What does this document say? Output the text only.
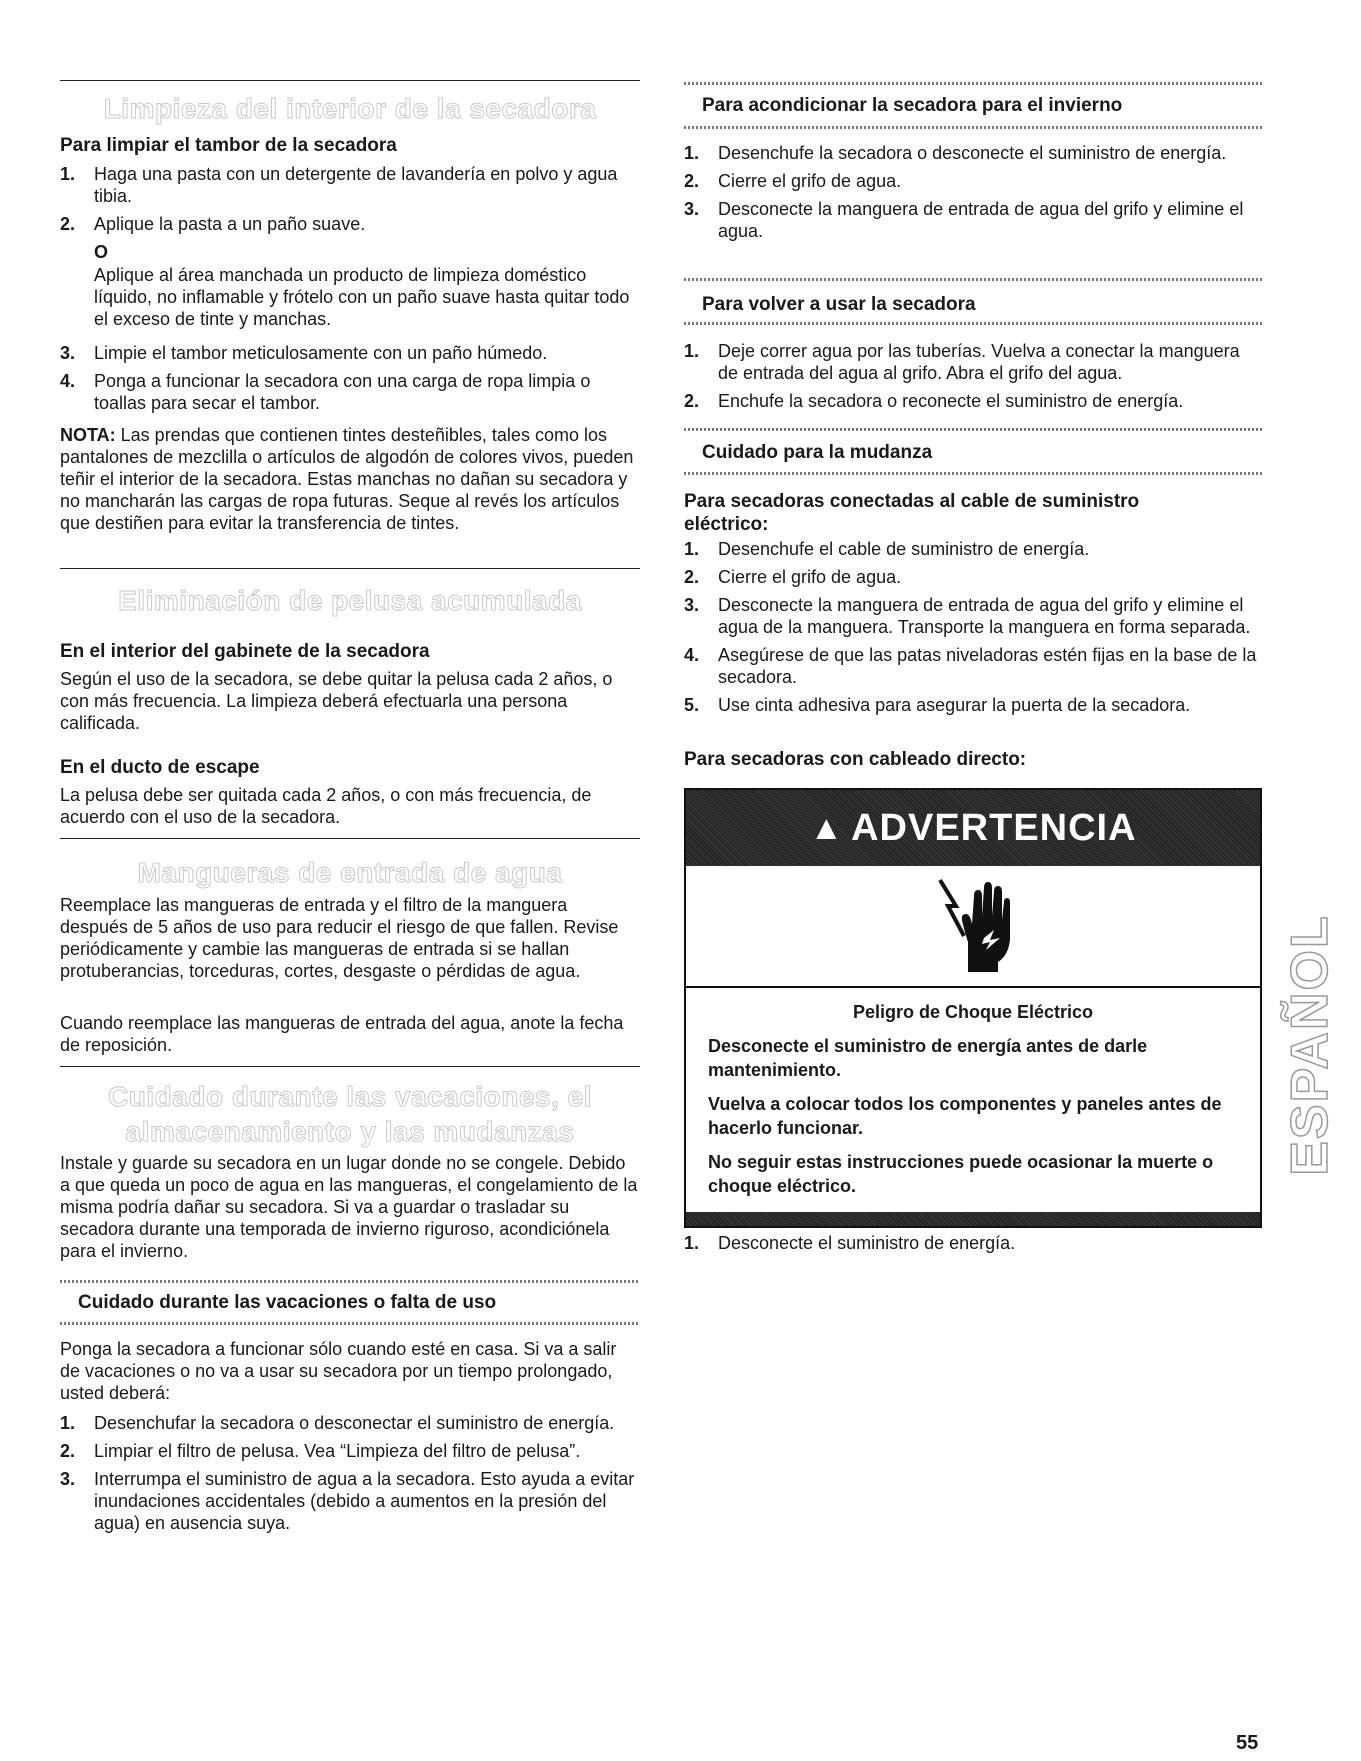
Limpieza del interior de la secadora
Para limpiar el tambor de la secadora
1. Haga una pasta con un detergente de lavandería en polvo y agua tibia.
2. Aplique la pasta a un paño suave.
O
Aplique al área manchada un producto de limpieza doméstico líquido, no inflamable y frótelo con un paño suave hasta quitar todo el exceso de tinte y manchas.
3. Limpie el tambor meticulosamente con un paño húmedo.
4. Ponga a funcionar la secadora con una carga de ropa limpia o toallas para secar el tambor.

NOTA: Las prendas que contienen tintes desteñibles, tales como los pantalones de mezclilla o artículos de algodón de colores vivos, pueden teñir el interior de la secadora. Estas manchas no dañan su secadora y no mancharán las cargas de ropa futuras. Seque al revés los artículos que destiñen para evitar la transferencia de tintes.

Eliminación de pelusa acumulada
En el interior del gabinete de la secadora
Según el uso de la secadora, se debe quitar la pelusa cada 2 años, o con más frecuencia. La limpieza deberá efectuarla una persona calificada.
En el ducto de escape
La pelusa debe ser quitada cada 2 años, o con más frecuencia, de acuerdo con el uso de la secadora.
Mangueras de entrada de agua
Reemplace las mangueras de entrada y el filtro de la manguera después de 5 años de uso para reducir el riesgo de que fallen. Revise periódicamente y cambie las mangueras de entrada si se hallan protuberancias, torceduras, cortes, desgaste o pérdidas de agua.
Cuando reemplace las mangueras de entrada del agua, anote la fecha de reposición.
Cuidado durante las vacaciones, el
almacenamiento y las mudanzas
Instale y guarde su secadora en un lugar donde no se congele. Debido a que queda un poco de agua en las mangueras, el congelamiento de la misma podría dañar su secadora. Si va a guardar o trasladar su secadora durante una temporada de invierno riguroso, acondiciónela para el invierno.
Cuidado durante las vacaciones o falta de uso
Ponga la secadora a funcionar sólo cuando esté en casa. Si va a salir de vacaciones o no va a usar su secadora por un tiempo prolongado, usted deberá:
1. Desenchufar la secadora o desconectar el suministro de energía.
2. Limpiar el filtro de pelusa. Vea “Limpieza del filtro de pelusa”.
3. Interrumpa el suministro de agua a la secadora. Esto ayuda a evitar inundaciones accidentales (debido a aumentos en la presión del agua) en ausencia suya.
Para acondicionar la secadora para el invierno
1. Desenchufe la secadora o desconecte el suministro de energía.
2. Cierre el grifo de agua.
3. Desconecte la manguera de entrada de agua del grifo y elimine el agua.
Para volver a usar la secadora
1. Deje correr agua por las tuberías. Vuelva a conectar la manguera de entrada del agua al grifo. Abra el grifo del agua.
2. Enchufe la secadora o reconecte el suministro de energía.
Cuidado para la mudanza
Para secadoras conectadas al cable de suministro eléctrico:
1. Desenchufe el cable de suministro de energía.
2. Cierre el grifo de agua.
3. Desconecte la manguera de entrada de agua del grifo y elimine el agua de la manguera. Transporte la manguera en forma separada.
4. Asegúrese de que las patas niveladoras estén fijas en la base de la secadora.
5. Use cinta adhesiva para asegurar la puerta de la secadora.
Para secadoras con cableado directo:
▲ ADVERTENCIA
Peligro de Choque Eléctrico
Desconecte el suministro de energía antes de darle mantenimiento.
Vuelva a colocar todos los componentes y paneles antes de hacerlo funcionar.
No seguir estas instrucciones puede ocasionar la muerte o choque eléctrico.
1. Desconecte el suministro de energía.
ESPAÑOL
55
